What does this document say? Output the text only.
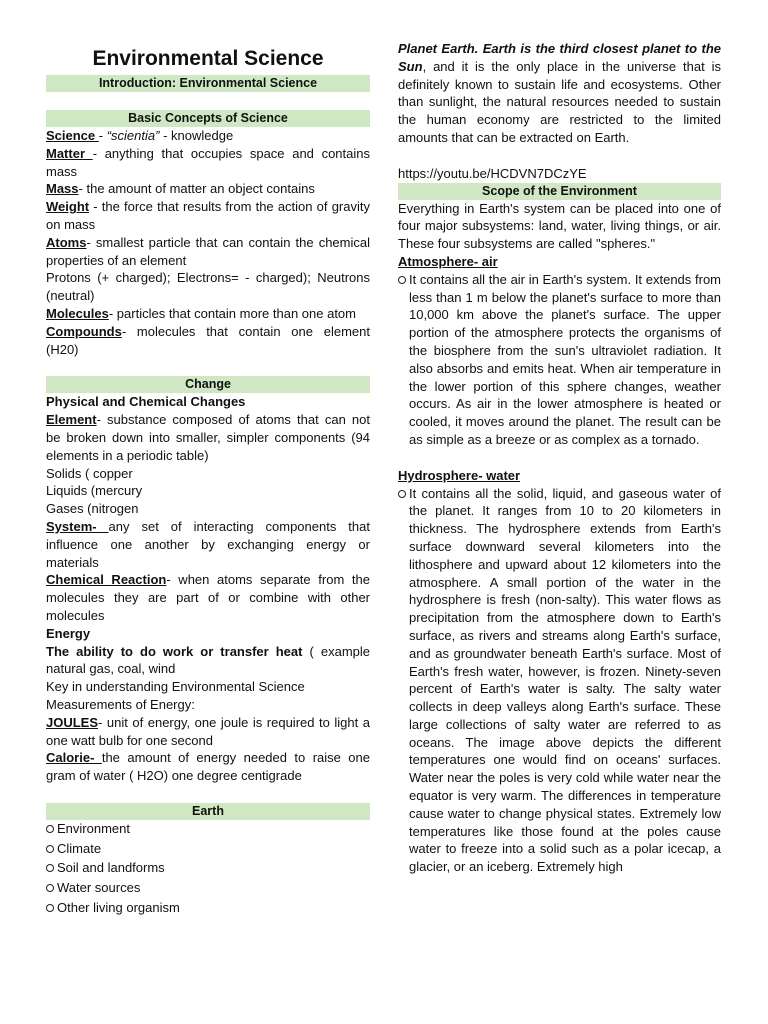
Environmental Science
Introduction: Environmental Science
Basic Concepts of Science

Science - “scientia” - knowledge

Matter - anything that occupies space and contains mass

Mass- the amount of matter an object contains

Weight - the force that results from the action of gravity on mass

Atoms- smallest particle that can contain the chemical properties of an element

Protons (+ charged); Electrons= - charged); Neutrons (neutral)

Molecules- particles that contain more than one atom

Compounds- molecules that contain one element (H20)

Change

Physical and Chemical Changes

Element- substance composed of atoms that can not be broken down into smaller, simpler components (94 elements in a periodic table)

Solids ( copper

Liquids (mercury

Gases (nitrogen

System- any set of interacting components that influence one another by exchanging energy or materials

Chemical Reaction- when atoms separate from the molecules they are part of or combine with other molecules

Energy

The ability to do work or transfer heat ( example natural gas, coal, wind

Key in understanding Environmental Science

Measurements of Energy:

JOULES- unit of energy, one joule is required to light a one watt bulb for one second

Calorie- the amount of energy needed to raise one gram of water ( H2O) one degree centigrade

Earth
Environment
Climate
Soil and landforms
Water sources
Other living organism

Planet Earth. Earth is the third closest planet to the Sun, and it is the only place in the universe that is definitely known to sustain life and ecosystems. Other than sunlight, the natural resources needed to sustain the human economy are restricted to the limited amounts that can be extracted on Earth.

https://youtu.be/HCDVN7DCzYE

Scope of the Environment

Everything in Earth's system can be placed into one of four major subsystems: land, water, living things, or air. These four subsystems are called "spheres."

Atmosphere- air

It contains all the air in Earth's system. It extends from less than 1 m below the planet's surface to more than 10,000 km above the planet's surface. The upper portion of the atmosphere protects the organisms of the biosphere from the sun's ultraviolet radiation. It also absorbs and emits heat. When air temperature in the lower portion of this sphere changes, weather occurs. As air in the lower atmosphere is heated or cooled, it moves around the planet. The result can be as simple as a breeze or as complex as a tornado.

Hydrosphere- water

It contains all the solid, liquid, and gaseous water of the planet. It ranges from 10 to 20 kilometers in thickness. The hydrosphere extends from Earth's surface downward several kilometers into the lithosphere and upward about 12 kilometers into the atmosphere. A small portion of the water in the hydrosphere is fresh (non-salty). This water flows as precipitation from the atmosphere down to Earth's surface, as rivers and streams along Earth's surface, and as groundwater beneath Earth's surface. Most of Earth's fresh water, however, is frozen. Ninety-seven percent of Earth's water is salty. The salty water collects in deep valleys along Earth's surface. These large collections of salty water are referred to as oceans. The image above depicts the different temperatures one would find on oceans' surfaces. Water near the poles is very cold while water near the equator is very warm. The differences in temperature cause water to change physical states. Extremely low temperatures like those found at the poles cause water to freeze into a solid such as a polar icecap, a glacier, or an iceberg. Extremely high
